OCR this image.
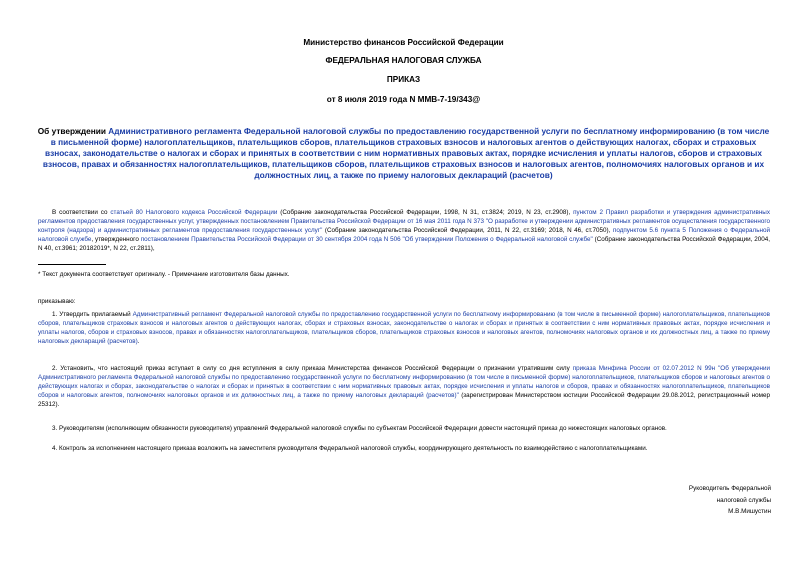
Министерство финансов Российской Федерации
ФЕДЕРАЛЬНАЯ НАЛОГОВАЯ СЛУЖБА
ПРИКАЗ
от 8 июля 2019 года N ММВ-7-19/343@
Об утверждении Административного регламента Федеральной налоговой службы по предоставлению государственной услуги по бесплатному информированию (в том числе в письменной форме) налогоплательщиков, плательщиков сборов, плательщиков страховых взносов и налоговых агентов о действующих налогах, сборах и страховых взносах, законодательстве о налогах и сборах и принятых в соответствии с ним нормативных правовых актах, порядке исчисления и уплаты налогов, сборов и страховых взносов, правах и обязанностях налогоплательщиков, плательщиков сборов, плательщиков страховых взносов и налоговых агентов, полномочиях налоговых органов и их должностных лиц, а также по приему налоговых деклараций (расчетов)
В соответствии со статьей 80 Налогового кодекса Российской Федерации (Собрание законодательства Российской Федерации, 1998, N 31, ст.3824; 2019, N 23, ст.2908), пунктом 2 Правил разработки и утверждения административных регламентов предоставления государственных услуг, утвержденных постановлением Правительства Российской Федерации от 16 мая 2011 года N 373 "О разработке и утверждении административных регламентов осуществления государственного контроля (надзора) и административных регламентов предоставления государственных услуг" (Собрание законодательства Российской Федерации, 2011, N 22, ст.3169; 2018, N 46, ст.7050), подпунктом 5.6 пункта 5 Положения о Федеральной налоговой службе, утвержденного постановлением Правительства Российской Федерации от 30 сентября 2004 года N 506 "Об утверждении Положения о Федеральной налоговой службе" (Собрание законодательства Российской Федерации, 2004, N 40, ст.3961; 20182019*, N 22, ст.2811),
* Текст документа соответствует оригиналу. - Примечание изготовителя базы данных.
приказываю:
1. Утвердить прилагаемый Административный регламент Федеральной налоговой службы по предоставлению государственной услуги по бесплатному информированию (в том числе в письменной форме) налогоплательщиков, плательщиков сборов, плательщиков страховых взносов и налоговых агентов о действующих налогах, сборах и страховых взносах, законодательстве о налогах и сборах и принятых в соответствии с ним нормативных правовых актах, порядке исчисления и уплаты налогов, сборов и страховых взносов, правах и обязанностях налогоплательщиков, плательщиков сборов, плательщиков страховых взносов и налоговых агентов, полномочиях налоговых органов и их должностных лиц, а также по приему налоговых деклараций (расчетов).
2. Установить, что настоящий приказ вступает в силу со дня вступления в силу приказа Министерства финансов Российской Федерации о признании утратившим силу приказа Минфина России от 02.07.2012 N 99н "Об утверждении Административного регламента Федеральной налоговой службы по предоставлению государственной услуги по бесплатному информированию (в том числе в письменной форме) налогоплательщиков, плательщиков сборов и налоговых агентов о действующих налогах и сборах, законодательстве о налогах и сборах и принятых в соответствии с ним нормативных правовых актах, порядке исчисления и уплаты налогов и сборов, правах и обязанностях налогоплательщиков, плательщиков сборов и налоговых агентов, полномочиях налоговых органов и их должностных лиц, а также по приему налоговых деклараций (расчетов)" (зарегистрирован Министерством юстиции Российской Федерации 29.08.2012, регистрационный номер 25312).
3. Руководителям (исполняющим обязанности руководителя) управлений Федеральной налоговой службы по субъектам Российской Федерации довести настоящий приказ до нижестоящих налоговых органов.
4. Контроль за исполнением настоящего приказа возложить на заместителя руководителя Федеральной налоговой службы, координирующего деятельность по взаимодействию с налогоплательщиками.
Руководитель Федеральной
налоговой службы
М.В.Мишустин
